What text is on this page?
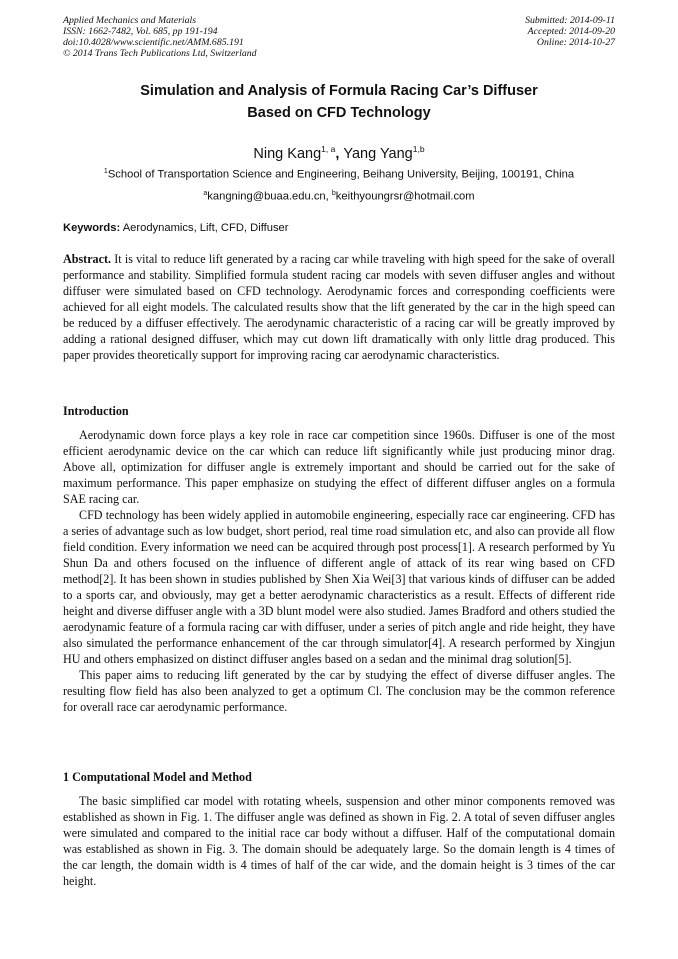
Applied Mechanics and Materials
ISSN: 1662-7482, Vol. 685, pp 191-194
doi:10.4028/www.scientific.net/AMM.685.191
© 2014 Trans Tech Publications Ltd, Switzerland
Submitted: 2014-09-11
Accepted: 2014-09-20
Online: 2014-10-27
Simulation and Analysis of Formula Racing Car’s Diffuser
Based on CFD Technology
Ning Kang$^{1, a}$, Yang Yang$^{1,b}$
$^1$School of Transportation Science and Engineering, Beihang University, Beijing, 100191, China
$^a$kangning@buaa.edu.cn, $^b$keithyoungrsr@hotmail.com
Keywords: Aerodynamics, Lift, CFD, Diffuser

Abstract. It is vital to reduce lift generated by a racing car while traveling with high speed for the sake of overall performance and stability. Simplified formula student racing car models with seven diffuser angles and without diffuser were simulated based on CFD technology. Aerodynamic forces and corresponding coefficients were achieved for all eight models. The calculated results show that the lift generated by the car in the high speed can be reduced by a diffuser effectively. The aerodynamic characteristic of a racing car will be greatly improved by adding a rational designed diffuser, which may cut down lift dramatically with only little drag produced. This paper provides theoretically support for improving racing car aerodynamic characteristics.

Introduction

Aerodynamic down force plays a key role in race car competition since 1960s. Diffuser is one of the most efficient aerodynamic device on the car which can reduce lift significantly while just producing minor drag. Above all, optimization for diffuser angle is extremely important and should be carried out for the sake of maximum performance. This paper emphasize on studying the effect of different diffuser angles on a formula SAE racing car.

CFD technology has been widely applied in automobile engineering, especially race car engineering. CFD has a series of advantage such as low budget, short period, real time road simulation etc, and also can provide all flow field condition. Every information we need can be acquired through post process[1]. A research performed by Yu Shun Da and others focused on the influence of different angle of attack of its rear wing based on CFD method[2]. It has been shown in studies published by Shen Xia Wei[3] that various kinds of diffuser can be added to a sports car, and obviously, may get a better aerodynamic characteristics as a result. Effects of different ride height and diverse diffuser angle with a 3D blunt model were also studied. James Bradford and others studied the aerodynamic feature of a formula racing car with diffuser, under a series of pitch angle and ride height, they have also simulated the performance enhancement of the car through simulator[4]. A research performed by Xingjun HU and others emphasized on distinct diffuser angles based on a sedan and the minimal drag solution[5].

This paper aims to reducing lift generated by the car by studying the effect of diverse diffuser angles. The resulting flow field has also been analyzed to get a optimum Cl. The conclusion may be the common reference for overall race car aerodynamic performance.

1 Computational Model and Method

The basic simplified car model with rotating wheels, suspension and other minor components removed was established as shown in Fig. 1. The diffuser angle was defined as shown in Fig. 2. A total of seven diffuser angles were simulated and compared to the initial race car body without a diffuser. Half of the computational domain was established as shown in Fig. 3. The domain should be adequately large. So the domain length is 4 times of the car length, the domain width is 4 times of half of the car wide, and the domain height is 3 times of the car height.
